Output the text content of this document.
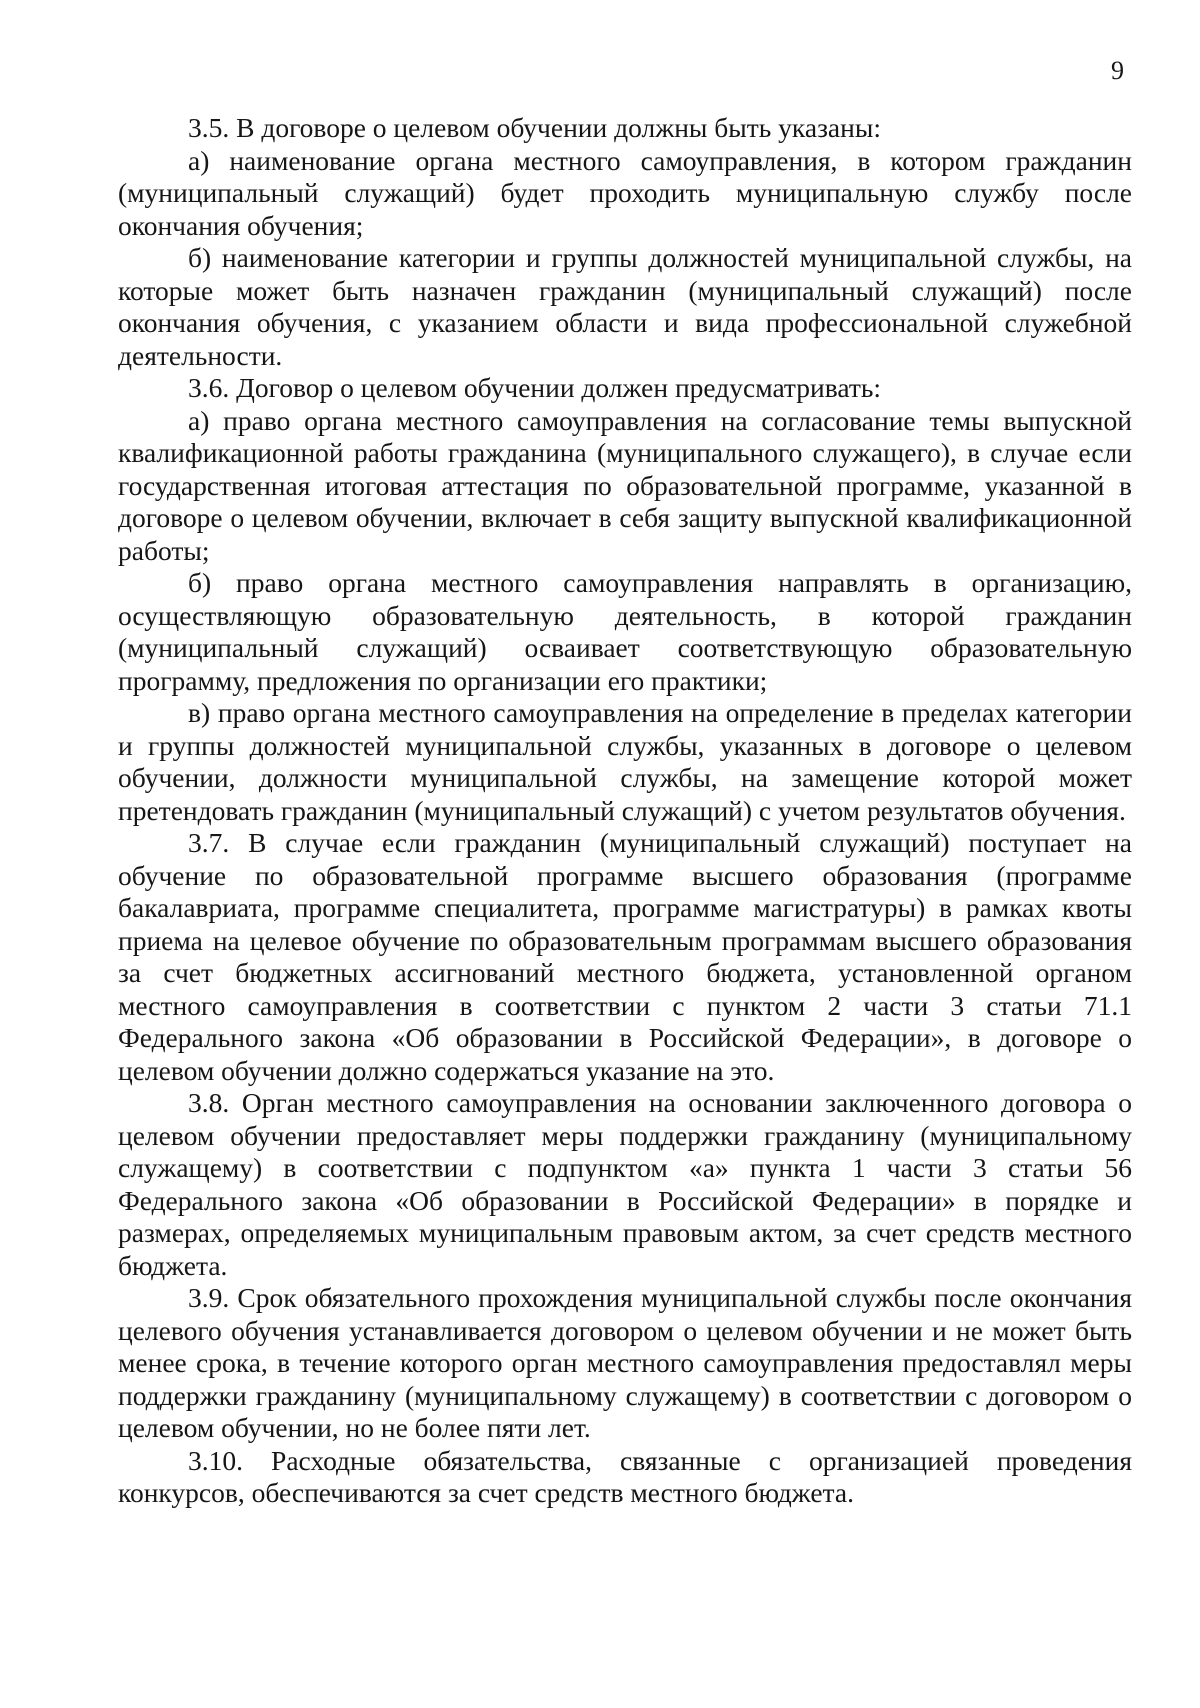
9

3.5. В договоре о целевом обучении должны быть указаны:

а) наименование органа местного самоуправления, в котором гражданин (муниципальный служащий) будет проходить муниципальную службу после окончания обучения;

б) наименование категории и группы должностей муниципальной службы, на которые может быть назначен гражданин (муниципальный служащий) после окончания обучения, с указанием области и вида профессиональной служебной деятельности.

3.6. Договор о целевом обучении должен предусматривать:

а) право органа местного самоуправления на согласование темы выпускной квалификационной работы гражданина (муниципального служащего), в случае если государственная итоговая аттестация по образовательной программе, указанной в договоре о целевом обучении, включает в себя защиту выпускной квалификационной работы;

б) право органа местного самоуправления направлять в организацию, осуществляющую образовательную деятельность, в которой гражданин (муниципальный служащий) осваивает соответствующую образовательную программу, предложения по организации его практики;

в) право органа местного самоуправления на определение в пределах категории и группы должностей муниципальной службы, указанных в договоре о целевом обучении, должности муниципальной службы, на замещение которой может претендовать гражданин (муниципальный служащий) с учетом результатов обучения.

3.7. В случае если гражданин (муниципальный служащий) поступает на обучение по образовательной программе высшего образования (программе бакалавриата, программе специалитета, программе магистратуры) в рамках квоты приема на целевое обучение по образовательным программам высшего образования за счет бюджетных ассигнований местного бюджета, установленной органом местного самоуправления в соответствии с пунктом 2 части 3 статьи 71.1 Федерального закона «Об образовании в Российской Федерации», в договоре о целевом обучении должно содержаться указание на это.

3.8. Орган местного самоуправления на основании заключенного договора о целевом обучении предоставляет меры поддержки гражданину (муниципальному служащему) в соответствии с подпунктом «а» пункта 1 части 3 статьи 56 Федерального закона «Об образовании в Российской Федерации» в порядке и размерах, определяемых муниципальным правовым актом, за счет средств местного бюджета.

3.9. Срок обязательного прохождения муниципальной службы после окончания целевого обучения устанавливается договором о целевом обучении и не может быть менее срока, в течение которого орган местного самоуправления предоставлял меры поддержки гражданину (муниципальному служащему) в соответствии с договором о целевом обучении, но не более пяти лет.

3.10. Расходные обязательства, связанные с организацией проведения конкурсов, обеспечиваются за счет средств местного бюджета.
